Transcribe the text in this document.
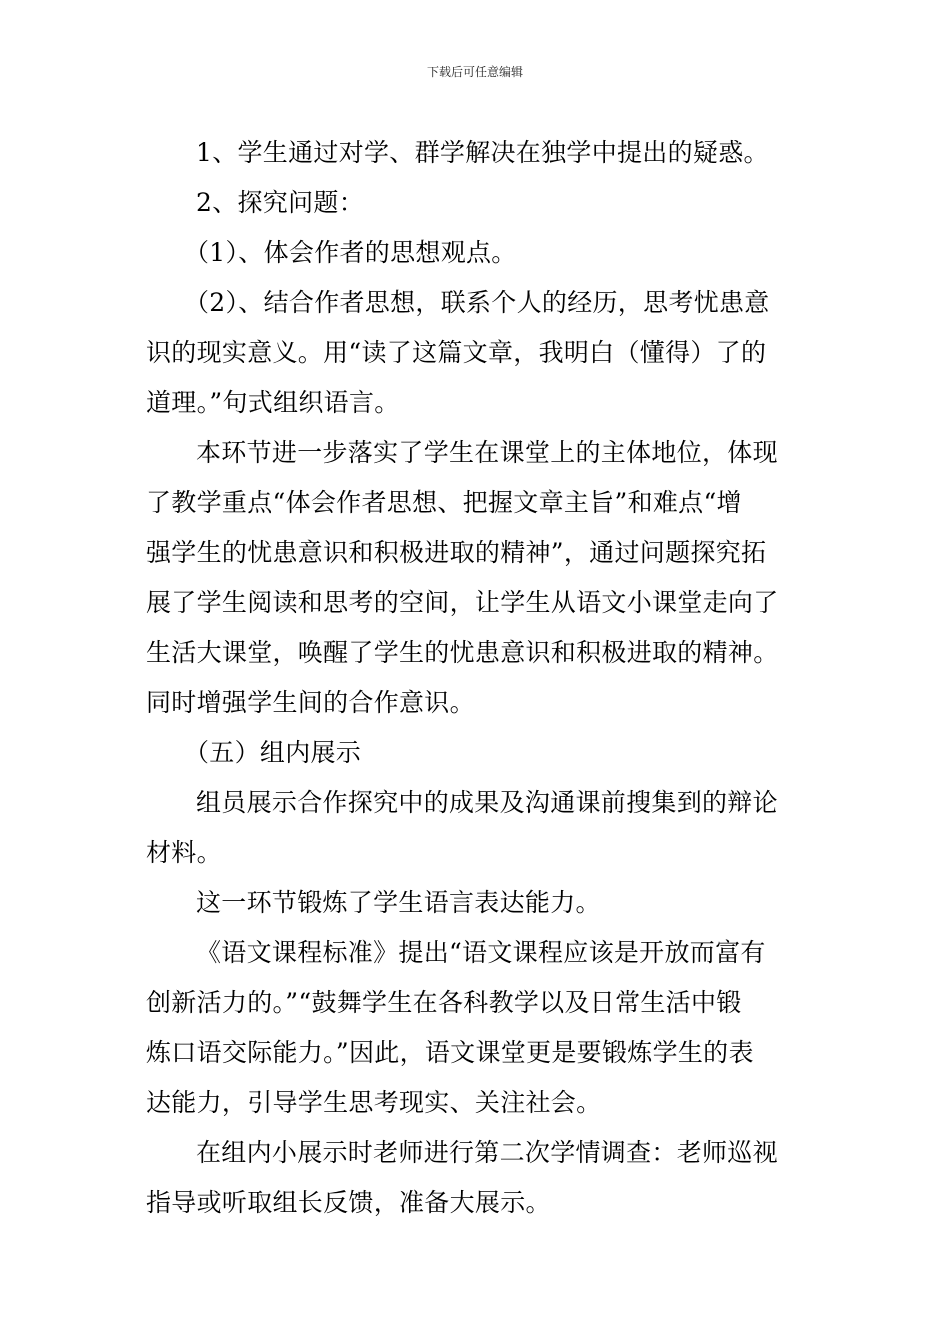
下载后可任意编辑
1、学生通过对学、群学解决在独学中提出的疑惑。
2、探究问题：
（1）、体会作者的思想观点。
（2）、结合作者思想，联系个人的经历，思考忧患意
识的现实意义。用“读了这篇文章，我明白（懂得）了的
道理。”句式组织语言。
本环节进一步落实了学生在课堂上的主体地位，体现
了教学重点“体会作者思想、把握文章主旨”和难点“增
强学生的忧患意识和积极进取的精神”，通过问题探究拓
展了学生阅读和思考的空间，让学生从语文小课堂走向了
生活大课堂，唤醒了学生的忧患意识和积极进取的精神。
同时增强学生间的合作意识。
（五）组内展示
组员展示合作探究中的成果及沟通课前搜集到的辩论
材料。
这一环节锻炼了学生语言表达能力。
《语文课程标准》提出“语文课程应该是开放而富有
创新活力的。”“鼓舞学生在各科教学以及日常生活中锻
炼口语交际能力。”因此，语文课堂更是要锻炼学生的表
达能力，引导学生思考现实、关注社会。
在组内小展示时老师进行第二次学情调查：老师巡视
指导或听取组长反馈，准备大展示。
